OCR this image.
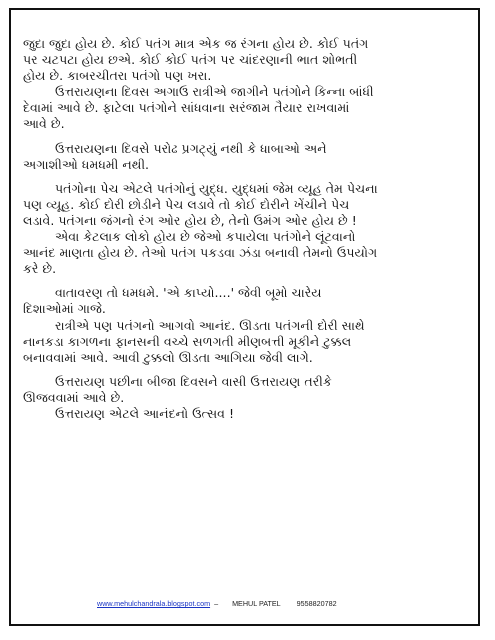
જુદા જુદા હોય છે. કોઈ પતંગ માત્ર એક જ રંગના હોય છે. કોઈ પતંગ
પર ચટપટા હોય છએ. કોઈ કોઈ પતંગ પર ચાંદરણાની ભાત શોભતી
હોય છે. કાબરચીતરા પતંગો પણ ખરા.
ઉત્તરાયણના દિવસ અગાઉ રાત્રીએ જાગીને પતંગોને કિન્ના બાંધી
દેવામાં આવે છે. ફાટેલા પતંગોને સાંધવાના સરંજામ તૈયાર રાખવામાં
આવે છે.
ઉત્તરાયણના દિવસે પરોઢ પ્રગટ્યું નથી કે ધાબાઓ અને
અગાશીઓ ધમધમી નથી.
પતંગોના પેચ એટલે પતંગોનું યુદ્ધ. યુદ્ધમાં જેમ વ્યૂહ તેમ પેચના
પણ વ્યૂહ. કોઈ દોરી છોડીને પેચ લડાવે તો કોઈ દોરીને ખેંચીને પેચ
લડાવે. પતંગના જંગનો રંગ ઓર હોય છે, તેનો ઉમંગ ઓર હોય છે !
એવા કેટલાક લોકો હોય છે જેઓ કપાયેલા પતંગોને લૂંટવાનો
આનંદ માણતા હોય છે. તેઓ પતંગ પકડવા ઝંડા બનાવી તેમનો ઉપયોગ
કરે છે.
વાતાવરણ તો ધમધમે. 'એ કાપ્યો....' જેવી બૂમો ચારેય
દિશાઓમાં ગાજે.
રાત્રીએ પણ પતંગનો આગવો આનંદ. ઊડતા પતંગની દોરી સાથે
નાનકડા કાગળના ફાનસની વચ્ચે સળગતી મીણબત્તી મૂકીને ટુક્કલ
બનાવવામાં આવે. આવી ટુક્કલો ઊડતા આગિયા જેવી લાગે.
ઉત્તરાયણ પછીના બીજા દિવસને વાસી ઉત્તરાયણ તરીકે
ઊજવવામાં આવે છે.
ઉત્તરાયણ એટલે આનંદનો ઉત્સવ !
www.mehulchandrala.blogspot.com – MEHUL PATEL 9558820782
